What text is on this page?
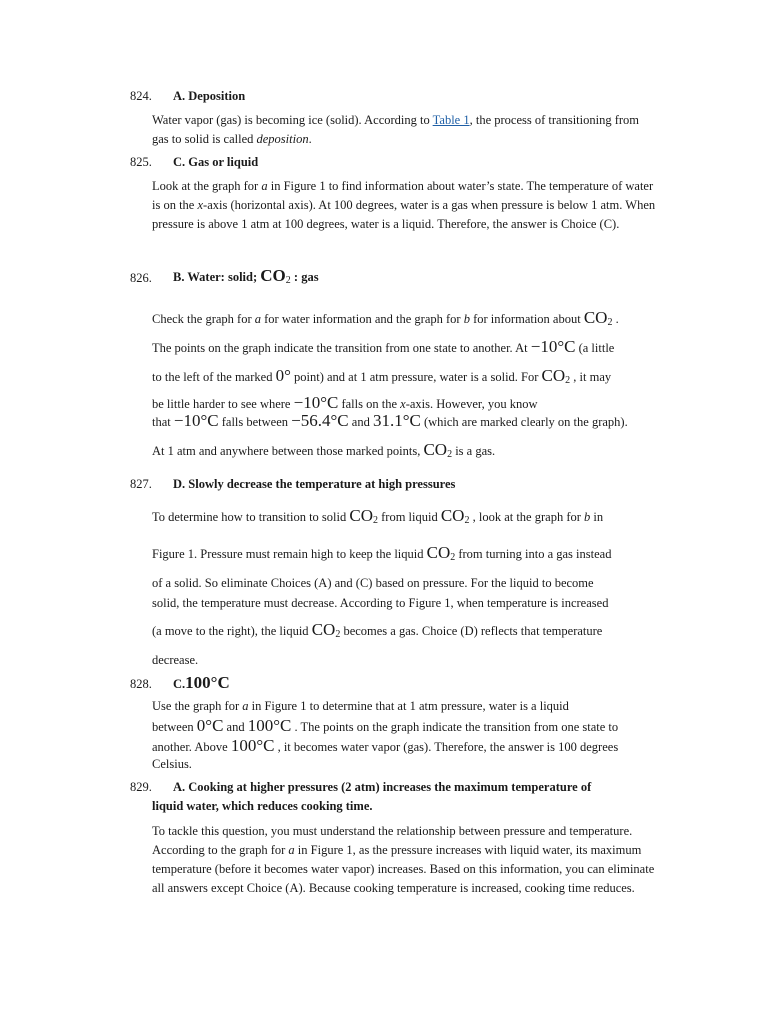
824. A. Deposition
Water vapor (gas) is becoming ice (solid). According to Table 1, the process of transitioning from gas to solid is called deposition.
825. C. Gas or liquid
Look at the graph for a in Figure 1 to find information about water’s state. The temperature of water is on the x-axis (horizontal axis). At 100 degrees, water is a gas when pressure is below 1 atm. When pressure is above 1 atm at 100 degrees, water is a liquid. Therefore, the answer is Choice (C).
826. B. Water: solid; $CO_2$ : gas
Check the graph for a for water information and the graph for b for information about $CO_2$ .
The points on the graph indicate the transition from one state to another. At −10°C (a little
to the left of the marked 0° point) and at 1 atm pressure, water is a solid. For $CO_2$ , it may
be little harder to see where −10°C falls on the x-axis. However, you know
that −10°C falls between −56.4°C and 31.1°C (which are marked clearly on the graph).
At 1 atm and anywhere between those marked points, $CO_2$ is a gas.
827. D. Slowly decrease the temperature at high pressures
To determine how to transition to solid $CO_2$ from liquid $CO_2$ , look at the graph for b in
Figure 1. Pressure must remain high to keep the liquid $CO_2$ from turning into a gas instead
of a solid. So eliminate Choices (A) and (C) based on pressure. For the liquid to become
solid, the temperature must decrease. According to Figure 1, when temperature is increased
(a move to the right), the liquid $CO_2$ becomes a gas. Choice (D) reflects that temperature
decrease.
828. C.100°C
Use the graph for a in Figure 1 to determine that at 1 atm pressure, water is a liquid
between 0°C and 100°C . The points on the graph indicate the transition from one state to
another. Above 100°C , it becomes water vapor (gas). Therefore, the answer is 100 degrees
Celsius.
829. A. Cooking at higher pressures (2 atm) increases the maximum temperature of
liquid water, which reduces cooking time.
To tackle this question, you must understand the relationship between pressure and temperature. According to the graph for a in Figure 1, as the pressure increases with liquid water, its maximum temperature (before it becomes water vapor) increases. Based on this information, you can eliminate all answers except Choice (A). Because cooking temperature is increased, cooking time reduces.
